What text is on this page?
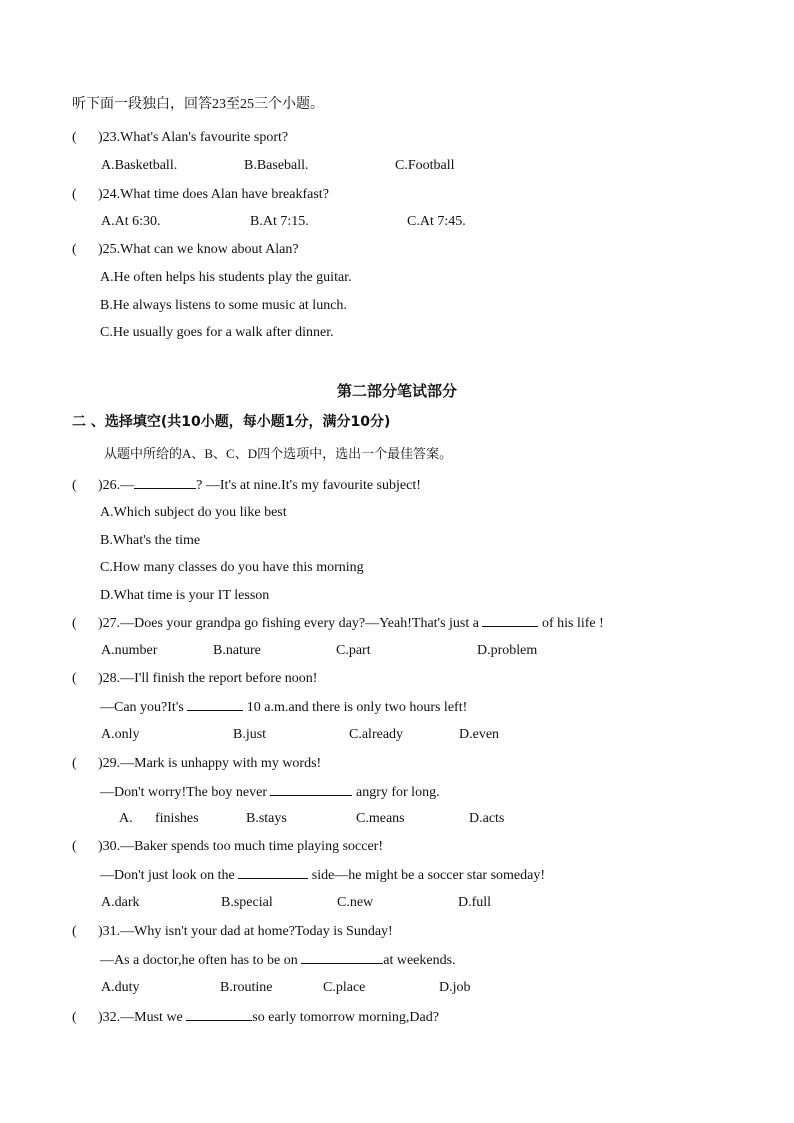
听下面一段独白，回答23至25三个小题。
( )23.What's Alan's favourite sport?
A.Basketball.	B.Baseball.	C.Football
( )24.What time does Alan have breakfast?
A.At 6:30.	B.At 7:15.	C.At 7:45.
( )25.What can we know about Alan?
A.He often helps his students play the guitar.
B.He always listens to some music at lunch.
C.He usually goes for a walk after dinner.
第二部分笔试部分
二 、选择填空(共10小题，每小题1分，满分10分)
从题中所给的A、B、C、D四个选项中，选出一个最佳答案。
( )26.—	? —It's at nine.It's my favourite subject!
A.Which subject do you like best
B.What's the time
C.How many classes do you have this morning
D.What time is your IT lesson
( )27.—Does your grandpa go fishing every day?—Yeah!That's just a	of his life !
A.number	B.nature	C.part	D.problem
( )28.—I'll finish the report before noon!
—Can you?It's	10 a.m.and there is only two hours left!
A.only	B.just	C.already	D.even
( )29.—Mark is unhappy with my words!
—Don't worry!The boy never	angry for long.
A. finishes	B.stays	C.means	D.acts
( )30.—Baker spends too much time playing soccer!
—Don't just look on the	side—he might be a soccer star someday!
A.dark	B.special	C.new	D.full
( )31.—Why isn't your dad at home?Today is Sunday!
—As a doctor,he often has to be on	at weekends.
A.duty	B.routine	C.place	D.job
( )32.—Must we	so early tomorrow morning,Dad?
